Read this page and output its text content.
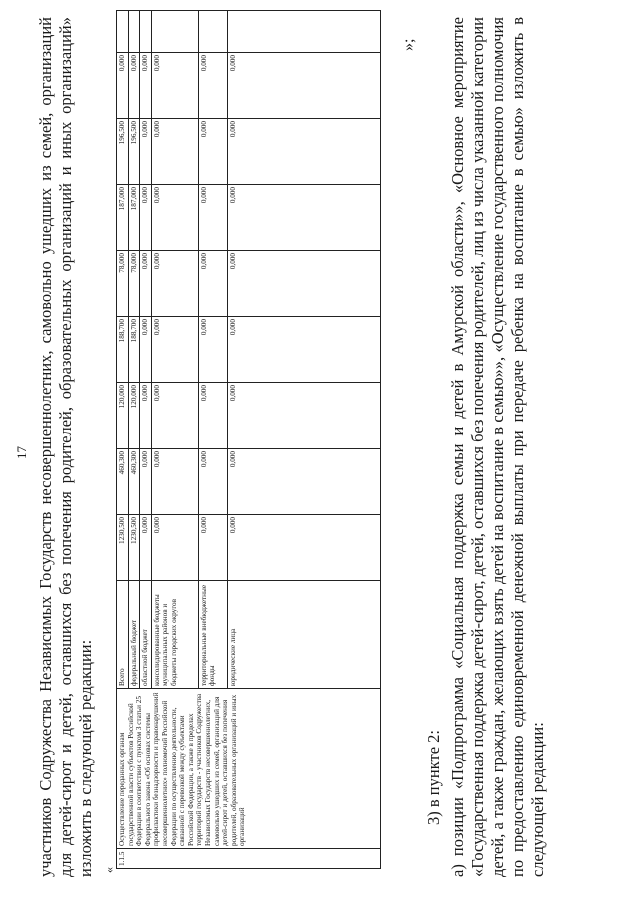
17 участников Содружества Независимых Государств несовершеннолетних, самовольно ушедших из семей, организаций для детей-сирот и детей, оставшихся без попечения родителей, образовательных организаций и иных организаций» изложить в следующей редакции: «
1.1.5	Осуществление переданных органам государственной власти субъектов Российской Федерации в соответствии с пунктом 3 статьи 25 Федерального закона «Об основах системы профилактики безнадзорности и правонарушений несовершеннолетних» полномочий Российской Федерации по осуществлению деятельности, связанной с перевозкой между субъектами Российской Федерации, а также в пределах территорий государств - участников Содружества Независимых Государств несовершеннолетних, самовольно ушедших из семей, организаций для детей-сирот и детей, оставшихся без попечения родителей, образовательных организаций и иных организаций	Всего	1230,500	460,300	120,000	188,700	78,000	187,000	196,500	0,000	
		федеральный бюджет	1230,500	460,300	120,000	188,700	78,000	187,000	196,500	0,000	
		областной бюджет	0,000	0,000	0,000	0,000	0,000	0,000	0,000	0,000	
		консолидированные бюджеты муниципальных районов и бюджеты городских округов	0,000	0,000	0,000	0,000	0,000	0,000	0,000	0,000	
		территориальные внебюджетные фонды	0,000	0,000	0,000	0,000	0,000	0,000	0,000	0,000	
		юридические лица	0,000	0,000	0,000	0,000	0,000	0,000	0,000	0,000	
»;
3) в пункте 2: а) позиции «Подпрограмма «Социальная поддержка семьи и детей в Амурской области»», «Основное мероприятие «Государственная поддержка детей-сирот, детей, оставшихся без попечения родителей, лиц из числа указанной категории детей, а также граждан, желающих взять детей на воспитание в семью»», «Осуществление государственного полномочия по предоставлению единовременной денежной выплаты при передаче ребенка на воспитание в семью» изложить в следующей редакции:
